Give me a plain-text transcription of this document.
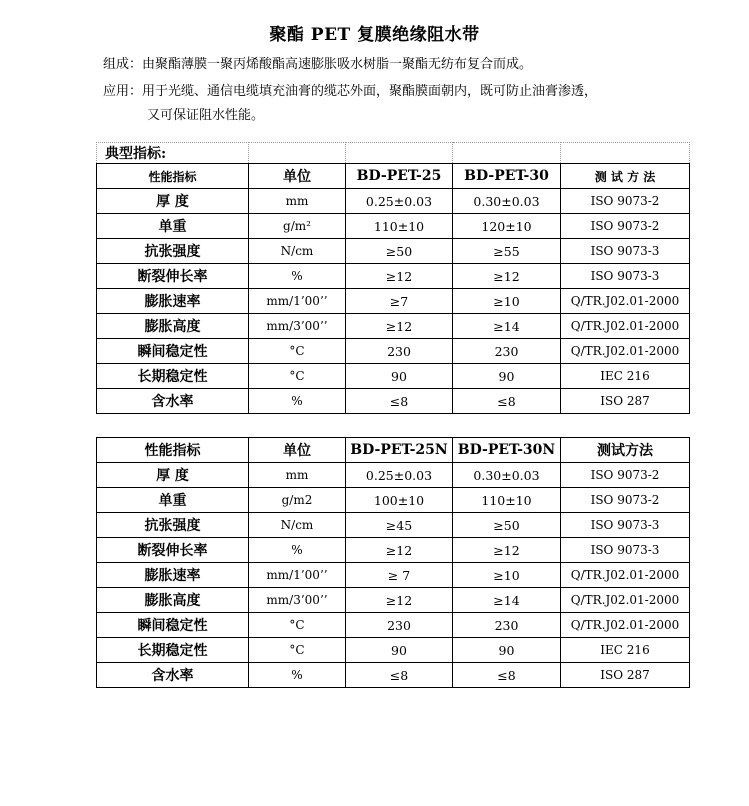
聚酯 PET 复膜绝缘阻水带
组成：由聚酯薄膜一聚丙烯酸酯高速膨胀吸水树脂一聚酯无纺布复合而成。
应用：用于光缆、通信电缆填充油膏的缆芯外面，聚酯膜面朝内，既可防止油膏渗透，
又可保证阻水性能。
典型指标:				
性能指标	单位	BD-PET-25	BD-PET-30	测 试 方 法
厚 度	mm	0.25±0.03	0.30±0.03	ISO 9073-2
单重	g/m²	110±10	120±10	ISO 9073-2
抗张强度	N/cm	≥50	≥55	ISO 9073-3
断裂伸长率	%	≥12	≥12	ISO 9073-3
膨胀速率	mm/1’00’’	≥7	≥10	Q/TR.J02.01-2000
膨胀高度	mm/3’00’’	≥12	≥14	Q/TR.J02.01-2000
瞬间稳定性	°C	230	230	Q/TR.J02.01-2000
长期稳定性	°C	90	90	IEC 216
含水率	%	≤8	≤8	ISO 287
性能指标	单位	BD-PET-25N	BD-PET-30N	测试方法
厚 度	mm	0.25±0.03	0.30±0.03	ISO 9073-2
单重	g/m2	100±10	110±10	ISO 9073-2
抗张强度	N/cm	≥45	≥50	ISO 9073-3
断裂伸长率	%	≥12	≥12	ISO 9073-3
膨胀速率	mm/1’00’’	≥ 7	≥10	Q/TR.J02.01-2000
膨胀高度	mm/3’00’’	≥12	≥14	Q/TR.J02.01-2000
瞬间稳定性	°C	230	230	Q/TR.J02.01-2000
长期稳定性	°C	90	90	IEC 216
含水率	%	≤8	≤8	ISO 287
